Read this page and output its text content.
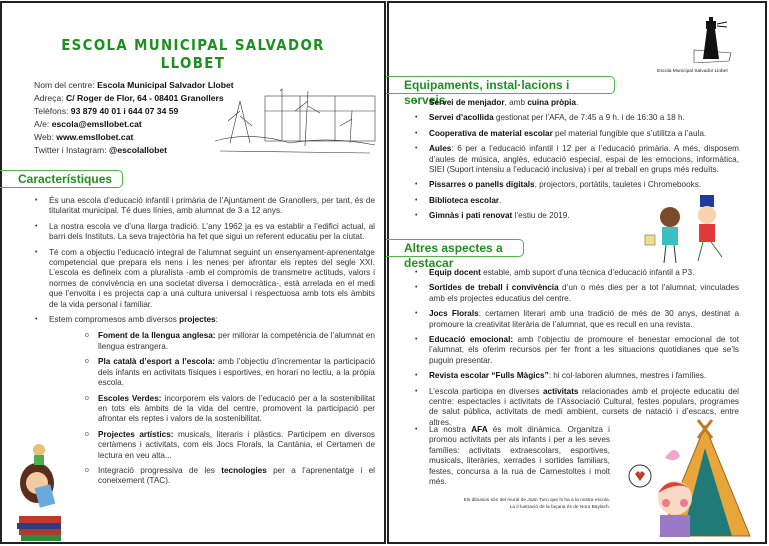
ESCOLA MUNICIPAL SALVADOR LLOBET
Nom del centre: Escola Municipal Salvador Llobet
Adreça: C/ Roger de Flor, 64 - 08401 Granollers
Telèfons: 93 879 40 01 i 644 07 34 59
A/e: escola@emsllobet.cat
Web: www.emsllobet.cat
Twitter i Instagram: @escolallobet
Característiques
• És una escola d’educació infantil i primària de l’Ajuntament de Granollers, per tant, és de titularitat municipal. Té dues línies, amb alumnat de 3 a 12 anys.
• La nostra escola ve d’una llarga tradició. L’any 1962 ja es va establir a l’edifici actual, al barri dels Instituts. La seva trajectòria ha fet que sigui un referent educatiu per la ciutat.
• Té com a objectiu l’educació integral de l’alumnat seguint un ensenyament-aprenentatge competencial que prepara els nens i les nenes per afrontar els reptes del segle XXI. L’escola es defineix com a pluralista -amb el compromís de transmetre actituds, valors i normes de convivència en una societat diversa i democràtica-, està arrelada en el medi que l’envolta i es projecta cap a una cultura universal i respectuosa amb tots els àmbits de la vida personal i familiar.
• Estem compromesos amb diversos projectes:
o Foment de la llengua anglesa: per millorar la competència de l’alumnat en llengua estrangera.
o Pla català d’esport a l’escola: amb l’objectiu d’incrementar la participació dels infants en activitats físiques i esportives, en horari no lectiu, a la pròpia escola.
o Escoles Verdes: incorporem els valors de l’educació per a la sostenibilitat en tots els àmbits de la vida del centre, promovent la participació per afrontar els reptes i valors de la sostenibilitat.
o Projectes artístics: musicals, literaris i plàstics. Participem en diversos certàmens i activitats, com els Jocs Florals, la Cantània, el Certamen de lectura en veu alta...
o Integració progressiva de les tecnologies per a l’aprenentatge i el coneixement (TAC).
Escola Municipal Salvador Llobet
Equipaments, instal·lacions i serveis
• Servei de menjador, amb cuina pròpia.
• Servei d’acollida gestionat per l’AFA, de 7:45 a 9 h. i de 16:30 a 18 h.
• Cooperativa de material escolar pel material fungible que s’utilitza a l’aula.
• Aules: 6 per a l’educació infantil i 12 per a l’educació primària. A més, disposem d’aules de música, anglès, educació especial, espai de les emocions, informàtica, SIEI (Suport intensiu a l’educació inclusiva) i per al treball en grups més reduïts.
• Pissarres o panells digitals, projectors, portàtils, tauletes i Chromebooks.
• Biblioteca escolar.
• Gimnàs i pati renovat l’estiu de 2019.
Altres aspectes a destacar
• Equip docent estable, amb suport d’una tècnica d’educació infantil a P3.
• Sortides de treball i convivència d’un o més dies per a tot l’alumnat, vinculades amb els projectes educatius del centre.
• Jocs Florals: certamen literari amb una tradició de més de 30 anys, destinat a promoure la creativitat literària de l’alumnat, que es recull en una revista.
• Educació emocional: amb l’objectiu de promoure el benestar emocional de tot l’alumnat, els oferim recursos per fer front a les situacions quotidianes que se’ls puguin presentar.
• Revista escolar “Fulls Màgics”: hi col·laboren alumnes, mestres i famílies.
• L’escola participa en diverses activitats relacionades amb el projecte educatiu del centre: espectacles i activitats de l’Associació Cultural, festes populars, programes de salut pública, activitats de medi ambient, cursets de natació i d’escacs, entre altres.
• La nostra AFA és molt dinàmica. Organitza i promou activitats per als infants i per a les seves famílies: activitats extraescolars, esportives, musicals, literàries, xerrades i sortides familiars, festes, concursa a la rua de Carnestoltes i molt més.
Els dibuixos són del mural de Joan Turu que hi ha a la nostra escola.
La il·lustració de la façana és de Nora Baylach.
